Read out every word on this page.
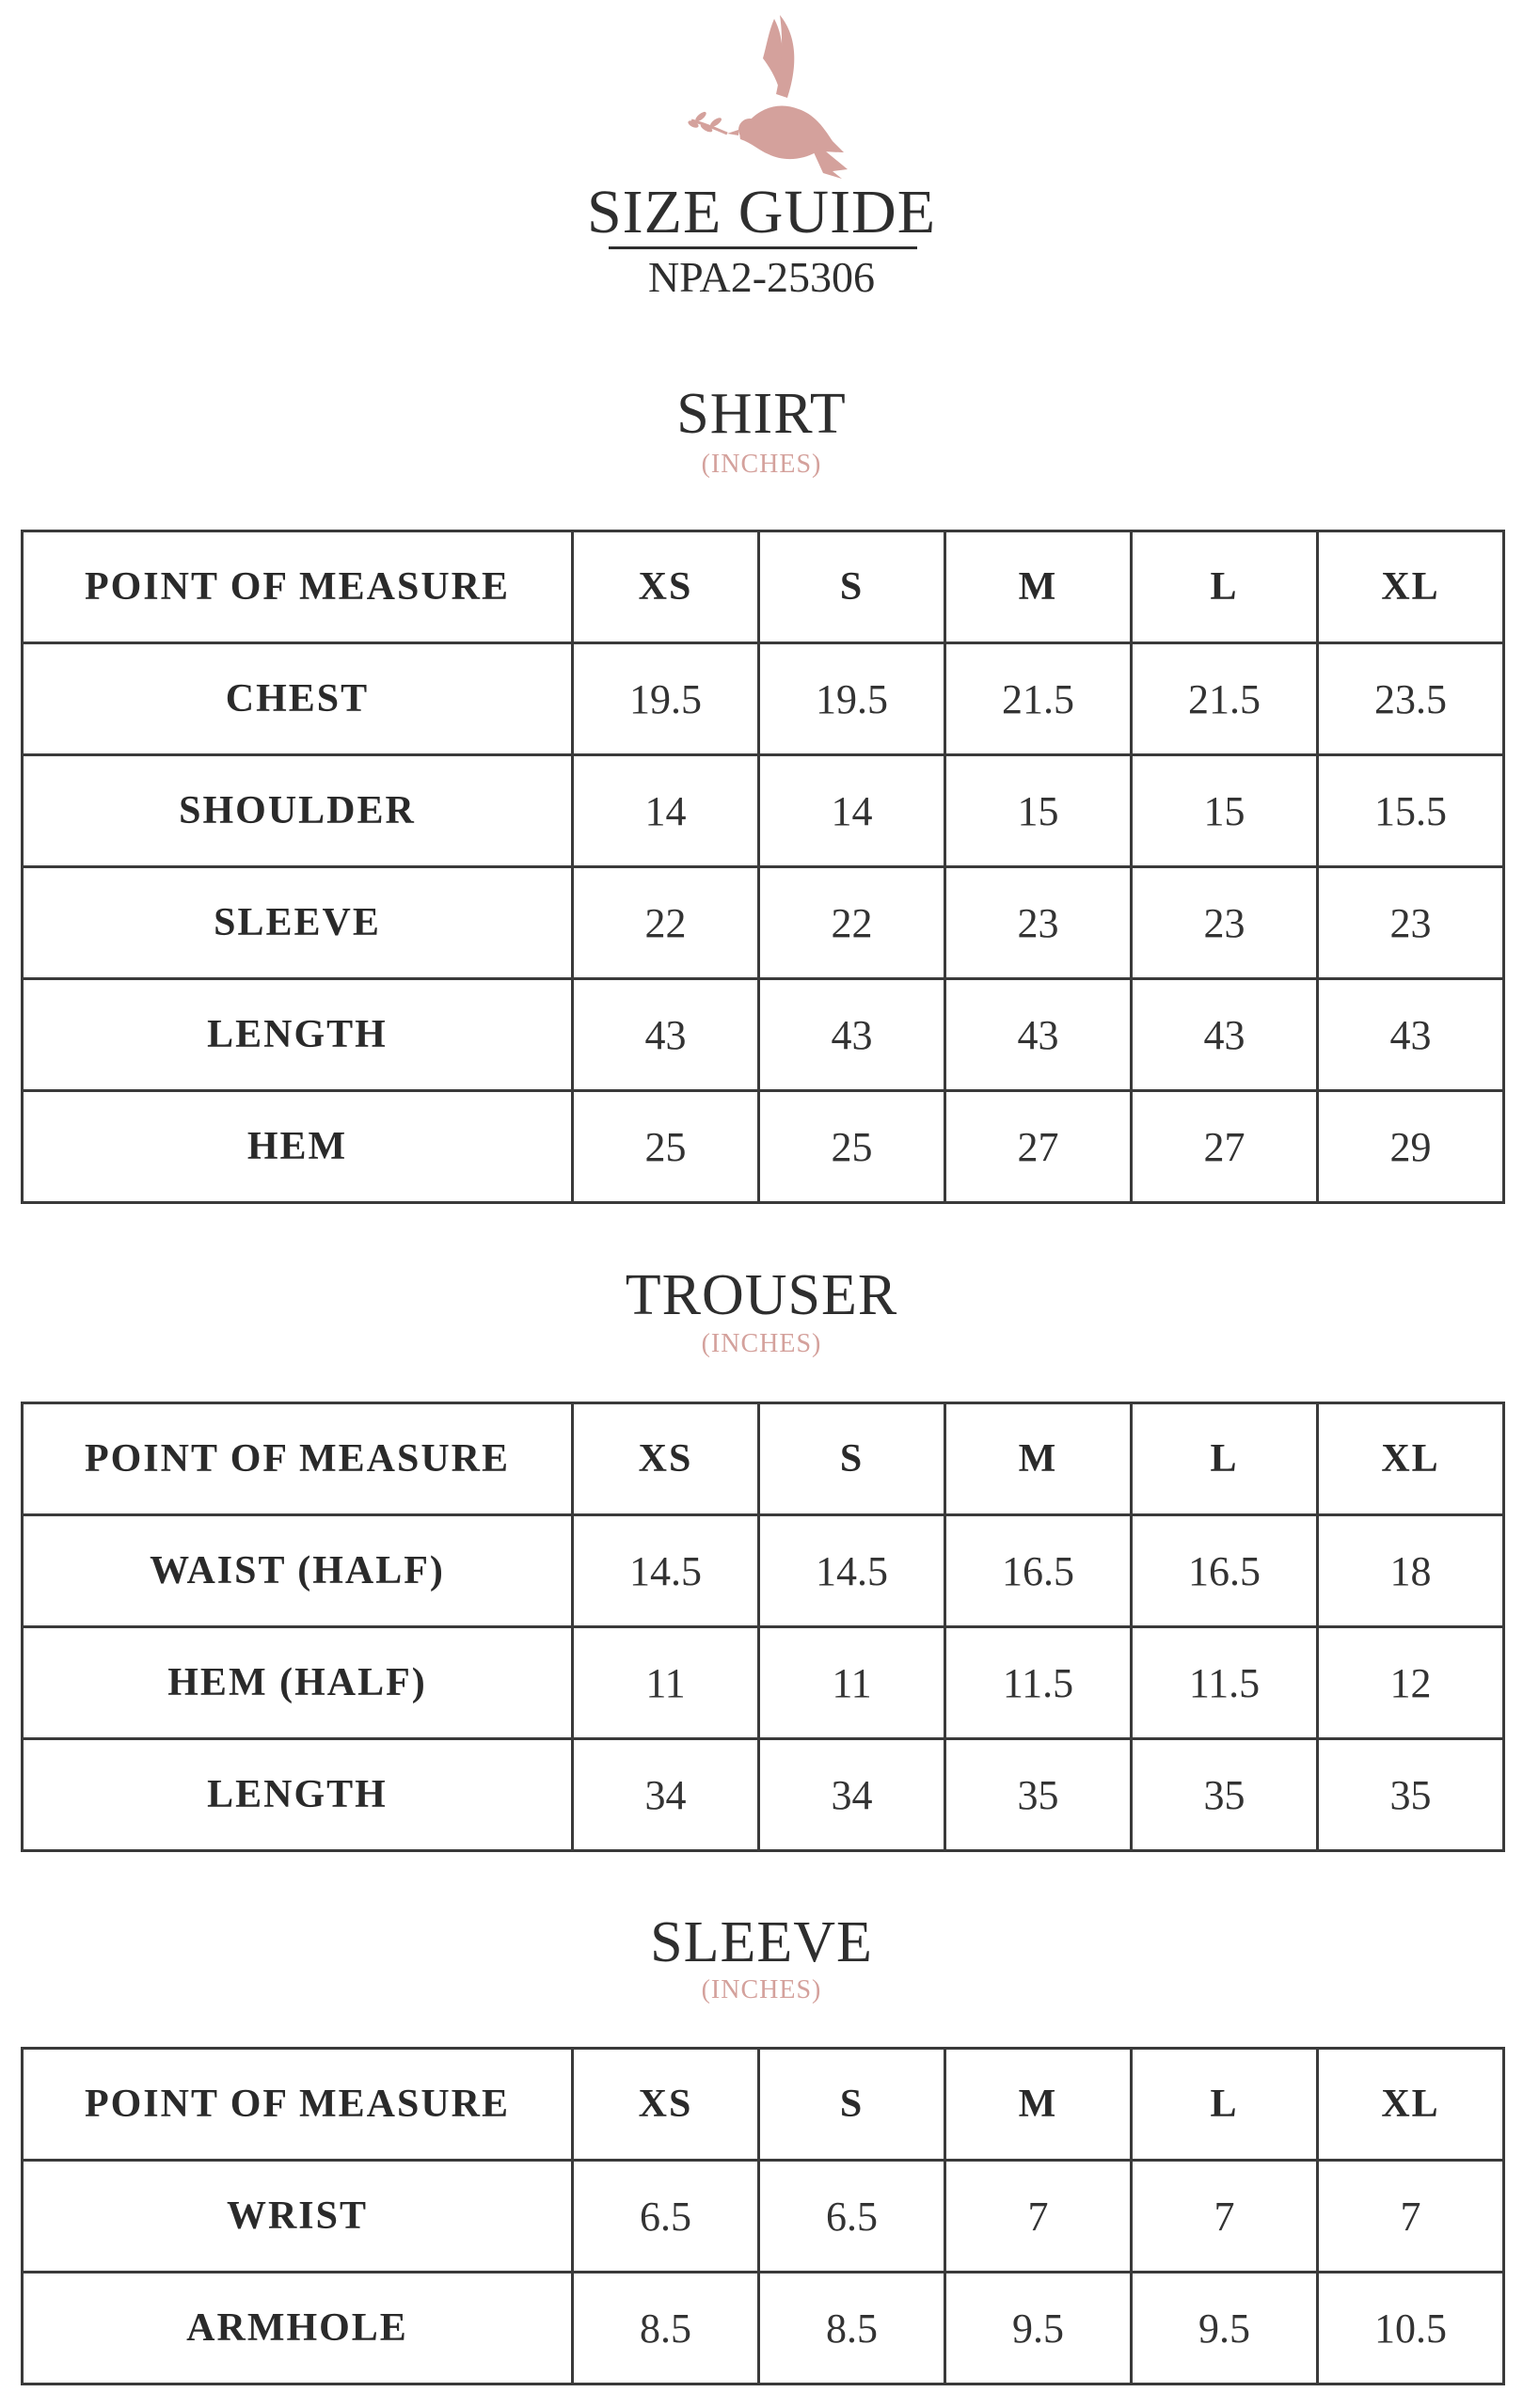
SIZE GUIDE
NPA2-25306
SHIRT
(INCHES)
POINT OF MEASURE	XS	S	M	L	XL
CHEST	19.5	19.5	21.5	21.5	23.5
SHOULDER	14	14	15	15	15.5
SLEEVE	22	22	23	23	23
LENGTH	43	43	43	43	43
HEM	25	25	27	27	29
TROUSER
(INCHES)
POINT OF MEASURE	XS	S	M	L	XL
WAIST (HALF)	14.5	14.5	16.5	16.5	18
HEM (HALF)	11	11	11.5	11.5	12
LENGTH	34	34	35	35	35
SLEEVE
(INCHES)
POINT OF MEASURE	XS	S	M	L	XL
WRIST	6.5	6.5	7	7	7
ARMHOLE	8.5	8.5	9.5	9.5	10.5
